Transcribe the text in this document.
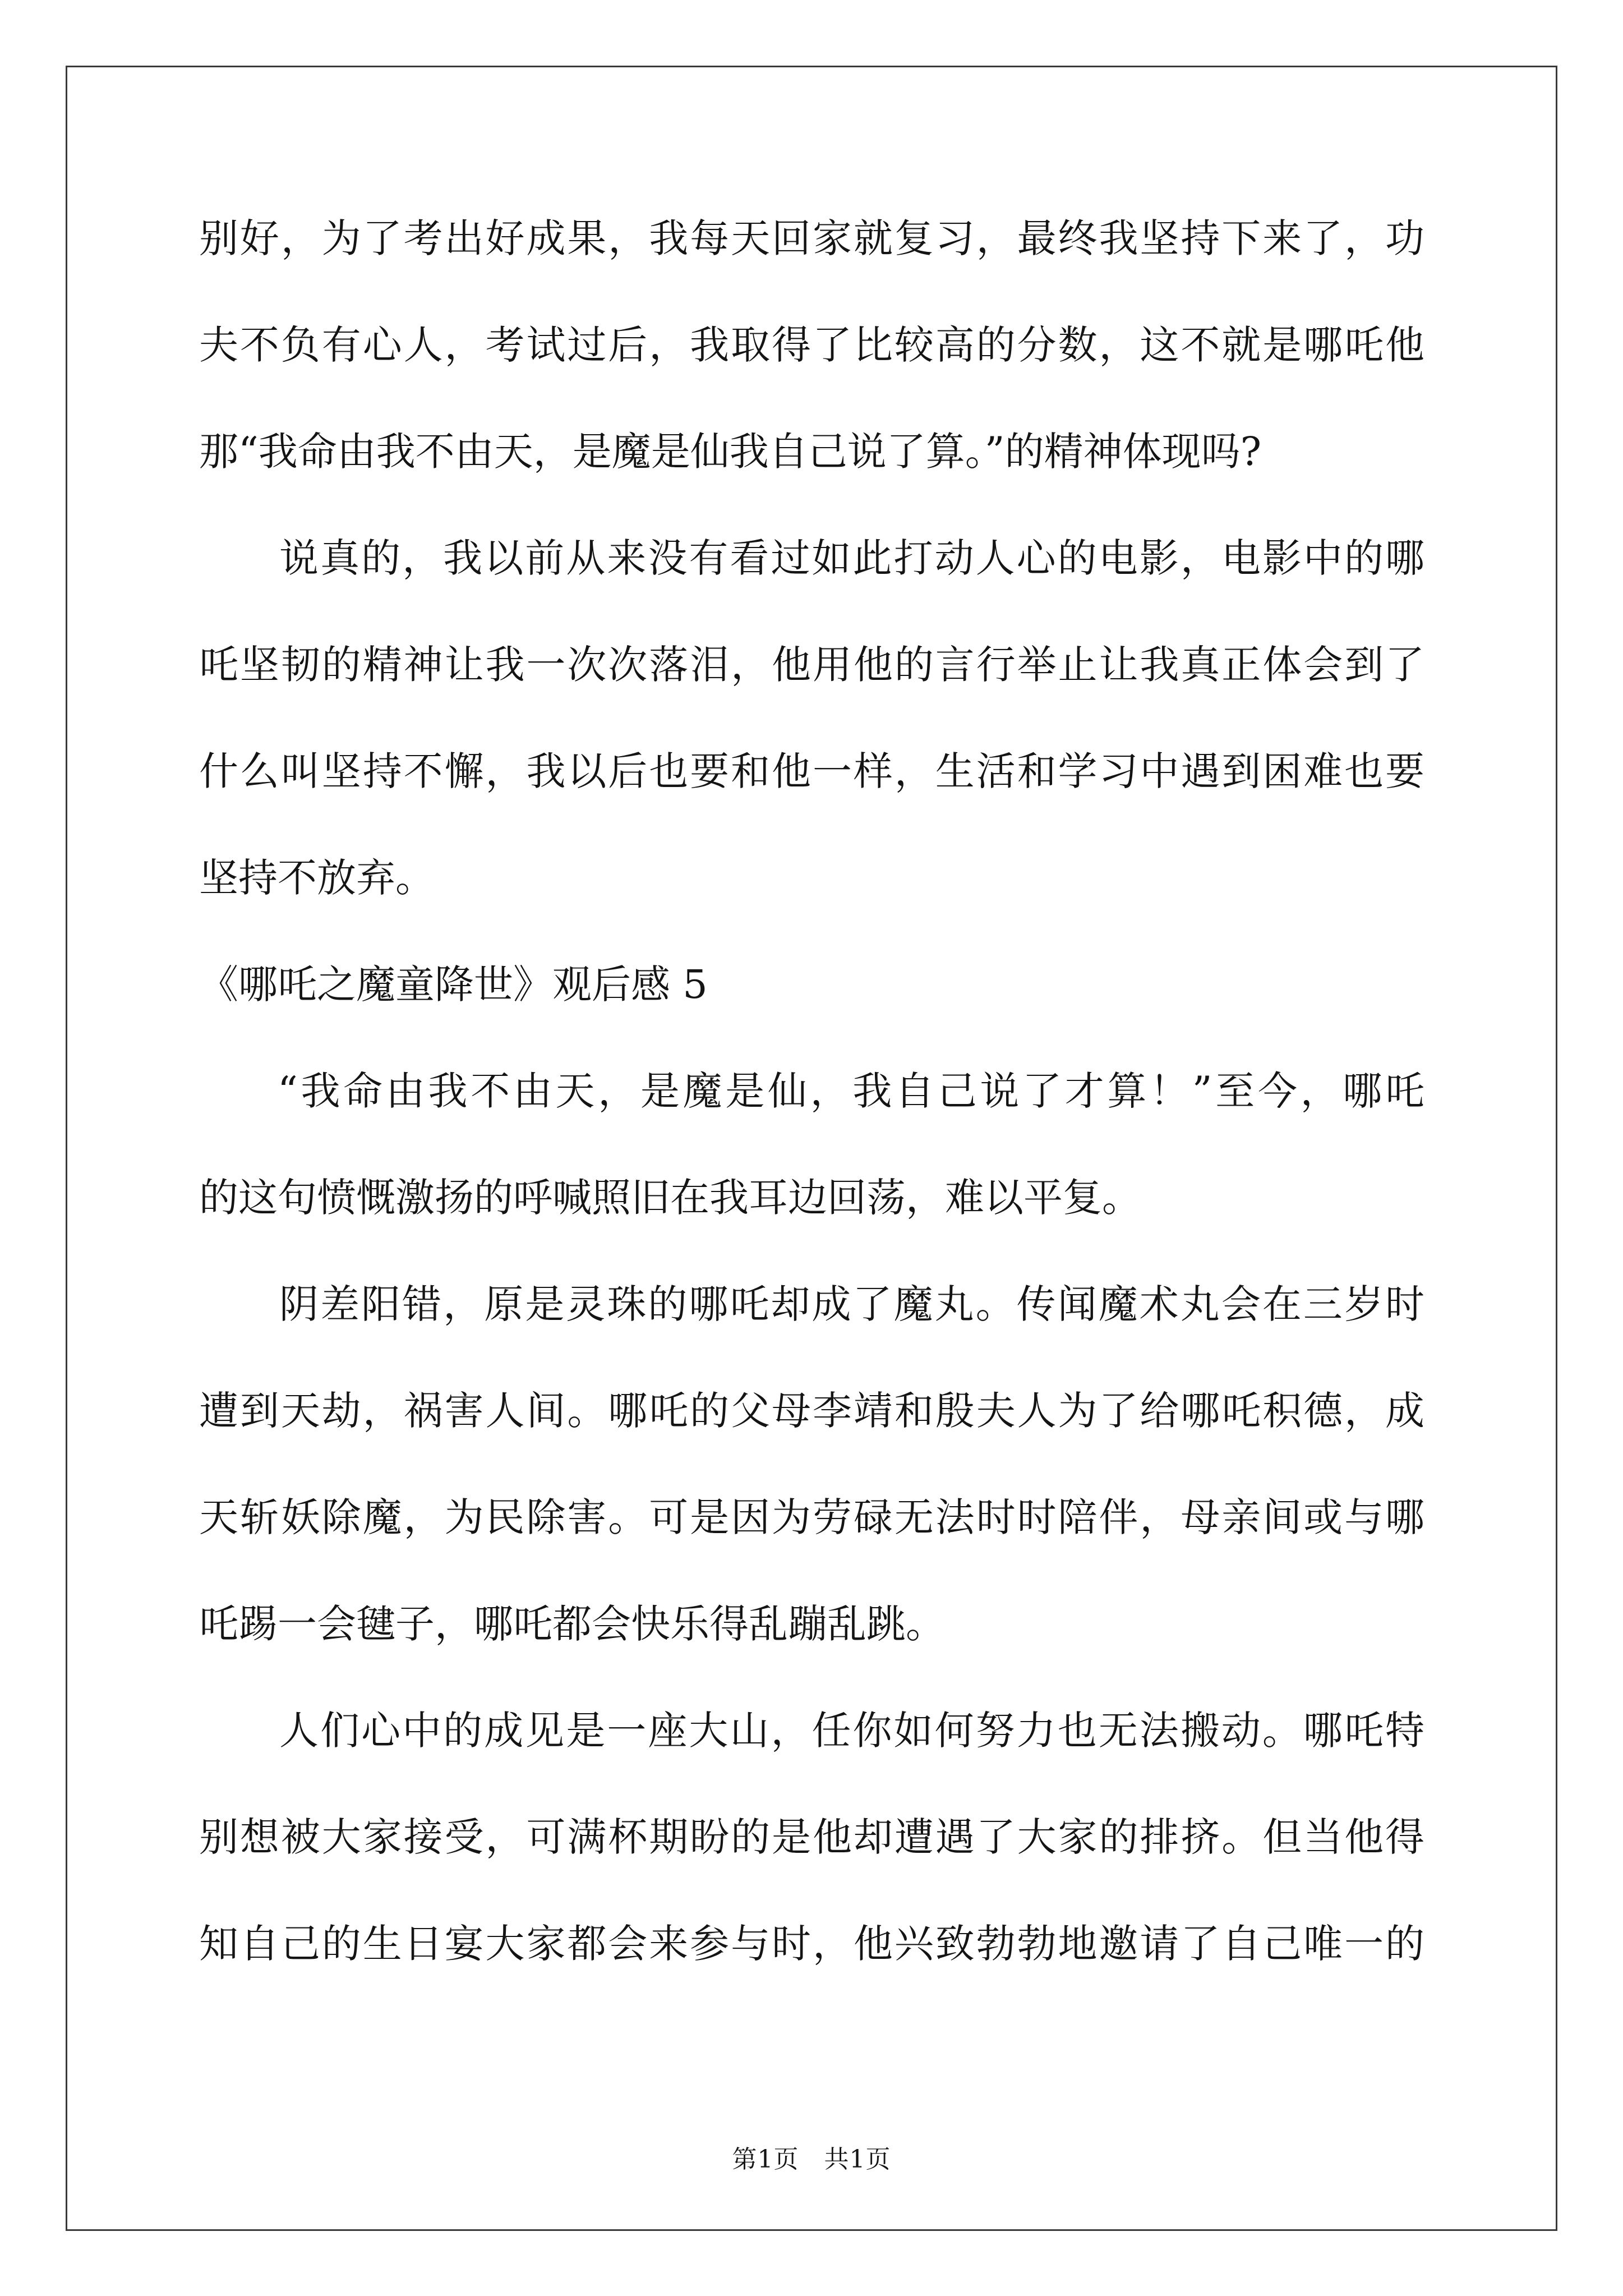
别好，为了考出好成果，我每天回家就复习，最终我坚持下来了，功
夫不负有心人，考试过后，我取得了比较高的分数，这不就是哪吒他
那“我命由我不由天，是魔是仙我自己说了算。”的精神体现吗?
说真的，我以前从来没有看过如此打动人心的电影，电影中的哪
吒坚韧的精神让我一次次落泪，他用他的言行举止让我真正体会到了
什么叫坚持不懈，我以后也要和他一样，生活和学习中遇到困难也要
坚持不放弃。
《哪吒之魔童降世》观后感 5
“我命由我不由天，是魔是仙，我自己说了才算！”至今，哪吒
的这句愤慨激扬的呼喊照旧在我耳边回荡，难以平复。
阴差阳错，原是灵珠的哪吒却成了魔丸。传闻魔术丸会在三岁时
遭到天劫，祸害人间。哪吒的父母李靖和殷夫人为了给哪吒积德，成
天斩妖除魔，为民除害。可是因为劳碌无法时时陪伴，母亲间或与哪
吒踢一会毽子，哪吒都会快乐得乱蹦乱跳。
人们心中的成见是一座大山，任你如何努力也无法搬动。哪吒特
别想被大家接受，可满杯期盼的是他却遭遇了大家的排挤。但当他得
知自己的生日宴大家都会来参与时，他兴致勃勃地邀请了自己唯一的
第1页　共1页
